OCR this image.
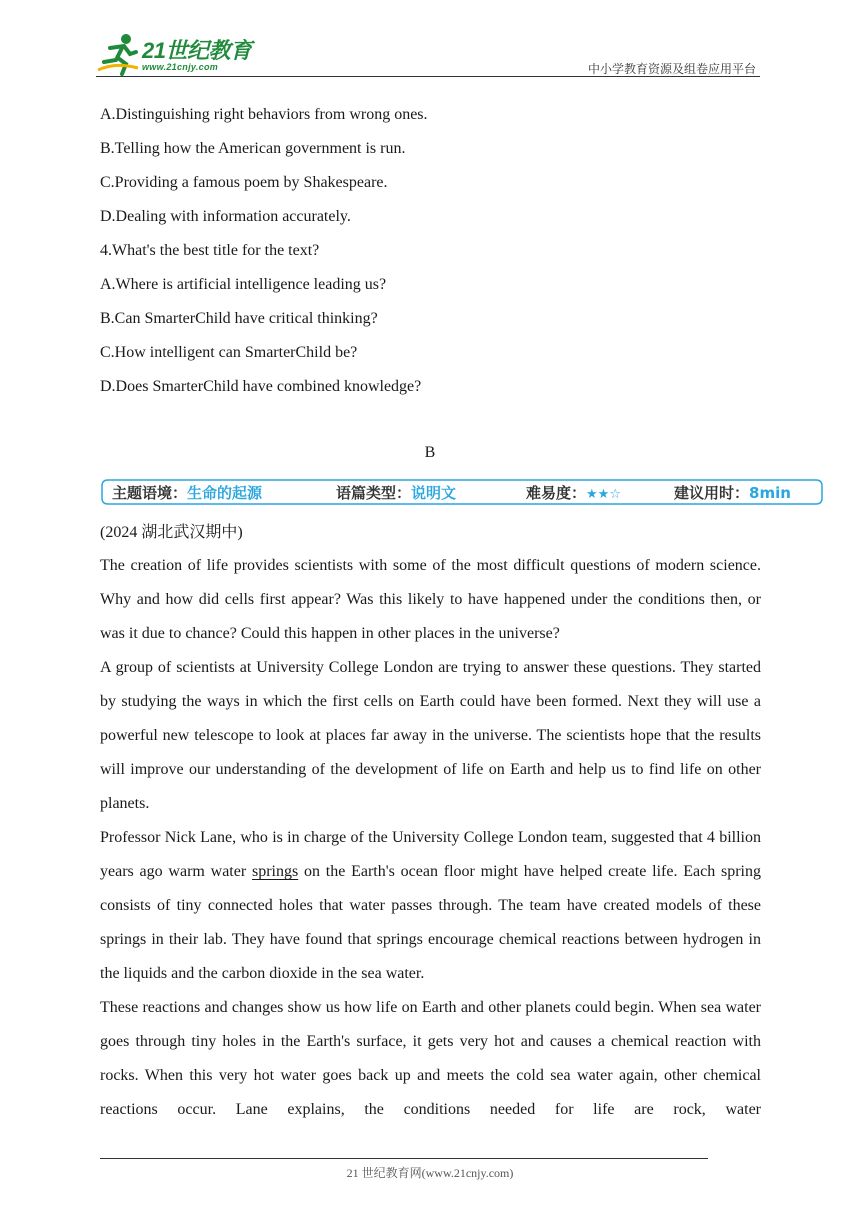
21世纪教育
www.21cnjy.com	中小学教育资源及组卷应用平台
A.Distinguishing right behaviors from wrong ones.
B.Telling how the American government is run.
C.Providing a famous poem by Shakespeare.
D.Dealing with information accurately.
4.What's the best title for the text?
A.Where is artificial intelligence leading us?
B.Can SmarterChild have critical thinking?
C.How intelligent can SmarterChild be?
D.Does SmarterChild have combined knowledge?
B
主题语境：生命的起源	语篇类型：说明文	难易度：★★☆	建议用时：8min
(2024 湖北武汉期中)

The creation of life provides scientists with some of the most difficult questions of modern science. Why and how did cells first appear? Was this likely to have happened under the conditions then, or was it due to chance? Could this happen in other places in the universe?

A group of scientists at University College London are trying to answer these questions. They started by studying the ways in which the first cells on Earth could have been formed. Next they will use a powerful new telescope to look at places far away in the universe. The scientists hope that the results will improve our understanding of the development of life on Earth and help us to find life on other planets.

Professor Nick Lane, who is in charge of the University College London team, suggested that 4 billion years ago warm water springs on the Earth's ocean floor might have helped create life. Each spring consists of tiny connected holes that water passes through. The team have created models of these springs in their lab. They have found that springs encourage chemical reactions between hydrogen in the liquids and the carbon dioxide in the sea water.

These reactions and changes show us how life on Earth and other planets could begin. When sea water goes through tiny holes in the Earth's surface, it gets very hot and causes a chemical reaction with rocks. When this very hot water goes back up and meets the cold sea water again, other chemical reactions occur. Lane explains, the conditions needed for life are rock, water

21 世纪教育网(www.21cnjy.com)
